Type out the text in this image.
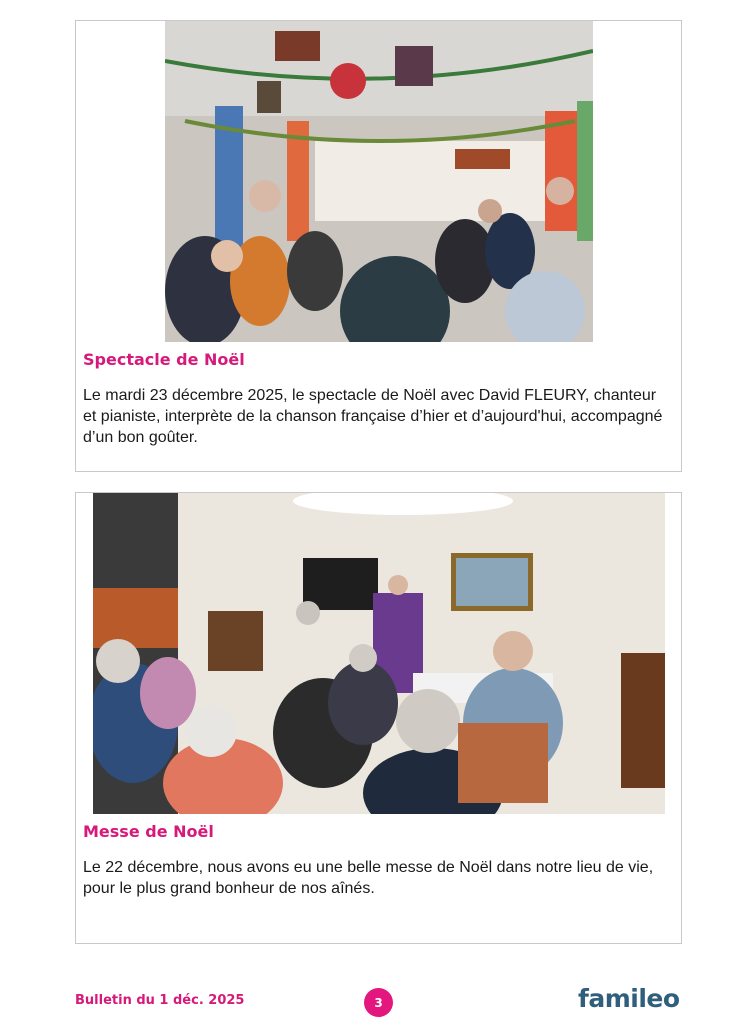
Spectacle de Noël

Le mardi 23 décembre 2025, le spectacle de Noël avec David FLEURY, chanteur et pianiste, interprète de la chanson française d’hier et d’aujourd'hui, accompagné d’un bon goûter.

Messe de Noël

Le 22 décembre, nous avons eu une belle messe de Noël dans notre lieu de vie, pour le plus grand bonheur de nos aînés.

Bulletin du 1 déc. 2025	3	famileo
